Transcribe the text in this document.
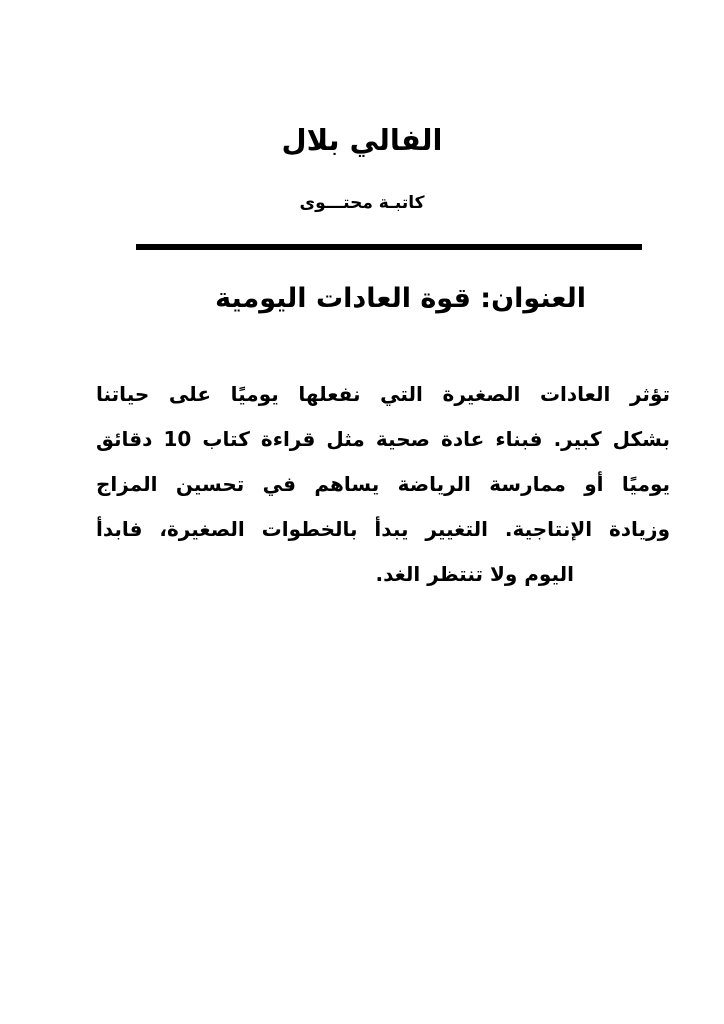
الفالي بلال
كاتبـة محتـــوى
العنوان: قوة العادات اليومية
تؤثر العادات الصغيرة التي نفعلها يوميًا على حياتنا
بشكل كبير. فبناء عادة صحية مثل قراءة كتاب 10 دقائق
يوميًا أو ممارسة الرياضة يساهم في تحسين المزاج
وزيادة الإنتاجية. التغيير يبدأ بالخطوات الصغيرة، فابدأ
اليوم ولا تنتظر الغد.
